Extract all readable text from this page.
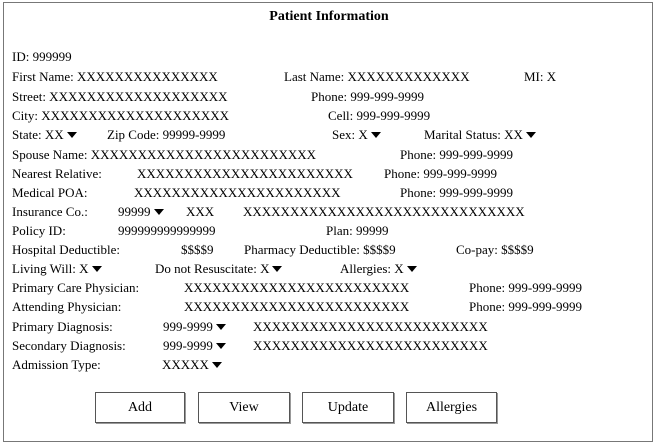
Patient Information
ID: 999999
First Name: XXXXXXXXXXXXXXX	Last Name: XXXXXXXXXXXXX	MI: X
Street: XXXXXXXXXXXXXXXXXXX	Phone: 999-999-9999
City: XXXXXXXXXXXXXXXXXXXX	Cell: 999-999-9999
State: XX	Zip Code: 99999-9999	Sex: X	Marital Status: XX
Spouse Name: XXXXXXXXXXXXXXXXXXXXXXXX	Phone: 999-999-9999
Nearest Relative:	XXXXXXXXXXXXXXXXXXXXXXX Phone: 999-999-9999
Medical POA:	XXXXXXXXXXXXXXXXXXXXXX	Phone: 999-999-9999
Insurance Co.: 99999	XXX XXXXXXXXXXXXXXXXXXXXXXXXXXXXXX
Policy ID:	999999999999999	Plan: 99999
Hospital Deductible:	$$$$9 Pharmacy Deductible: $$$$9	Co-pay: $$$$9
Living Will: X	Do not Resuscitate: X	Allergies: X
Primary Care Physician:	XXXXXXXXXXXXXXXXXXXXXXXX	Phone: 999-999-9999
Attending Physician:	XXXXXXXXXXXXXXXXXXXXXXXX	Phone: 999-999-9999
Primary Diagnosis:	999-9999	XXXXXXXXXXXXXXXXXXXXXXXXX
Secondary Diagnosis:	999-9999	XXXXXXXXXXXXXXXXXXXXXXXXX
Admission Type:	XXXXX
Add	View	Update	Allergies
